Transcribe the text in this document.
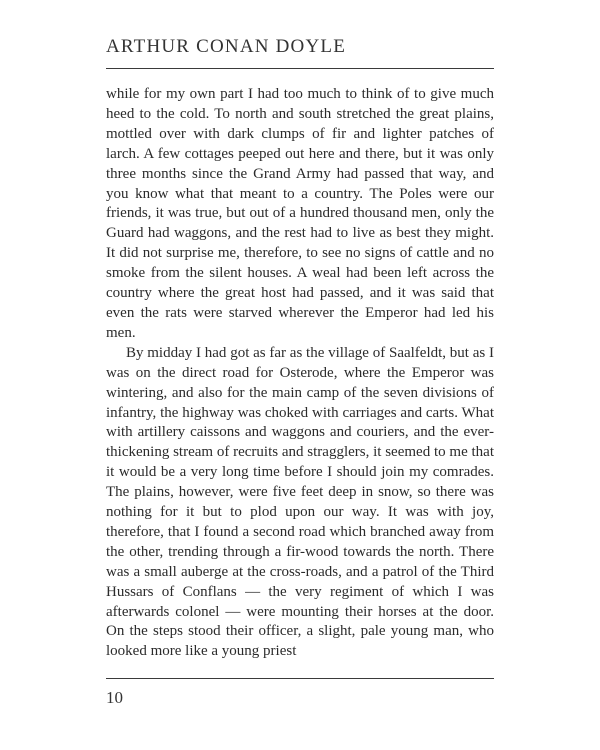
ARTHUR CONAN DOYLE

while for my own part I had too much to think of to give much heed to the cold. To north and south stretched the great plains, mottled over with dark clumps of fir and lighter patches of larch. A few cottages peeped out here and there, but it was only three months since the Grand Army had passed that way, and you know what that meant to a country. The Poles were our friends, it was true, but out of a hundred thousand men, only the Guard had waggons, and the rest had to live as best they might. It did not surprise me, therefore, to see no signs of cattle and no smoke from the silent houses. A weal had been left across the country where the great host had passed, and it was said that even the rats were starved wherever the Emperor had led his men.

By midday I had got as far as the village of Saalfeldt, but as I was on the direct road for Osterode, where the Emperor was wintering, and also for the main camp of the seven divisions of infantry, the highway was choked with carriages and carts. What with artillery caissons and waggons and couriers, and the ever-thickening stream of recruits and stragglers, it seemed to me that it would be a very long time before I should join my comrades. The plains, however, were five feet deep in snow, so there was nothing for it but to plod upon our way. It was with joy, therefore, that I found a second road which branched away from the other, trending through a fir-wood towards the north. There was a small auberge at the cross-roads, and a patrol of the Third Hussars of Conflans — the very regiment of which I was afterwards colonel — were mounting their horses at the door. On the steps stood their officer, a slight, pale young man, who looked more like a young priest

10
